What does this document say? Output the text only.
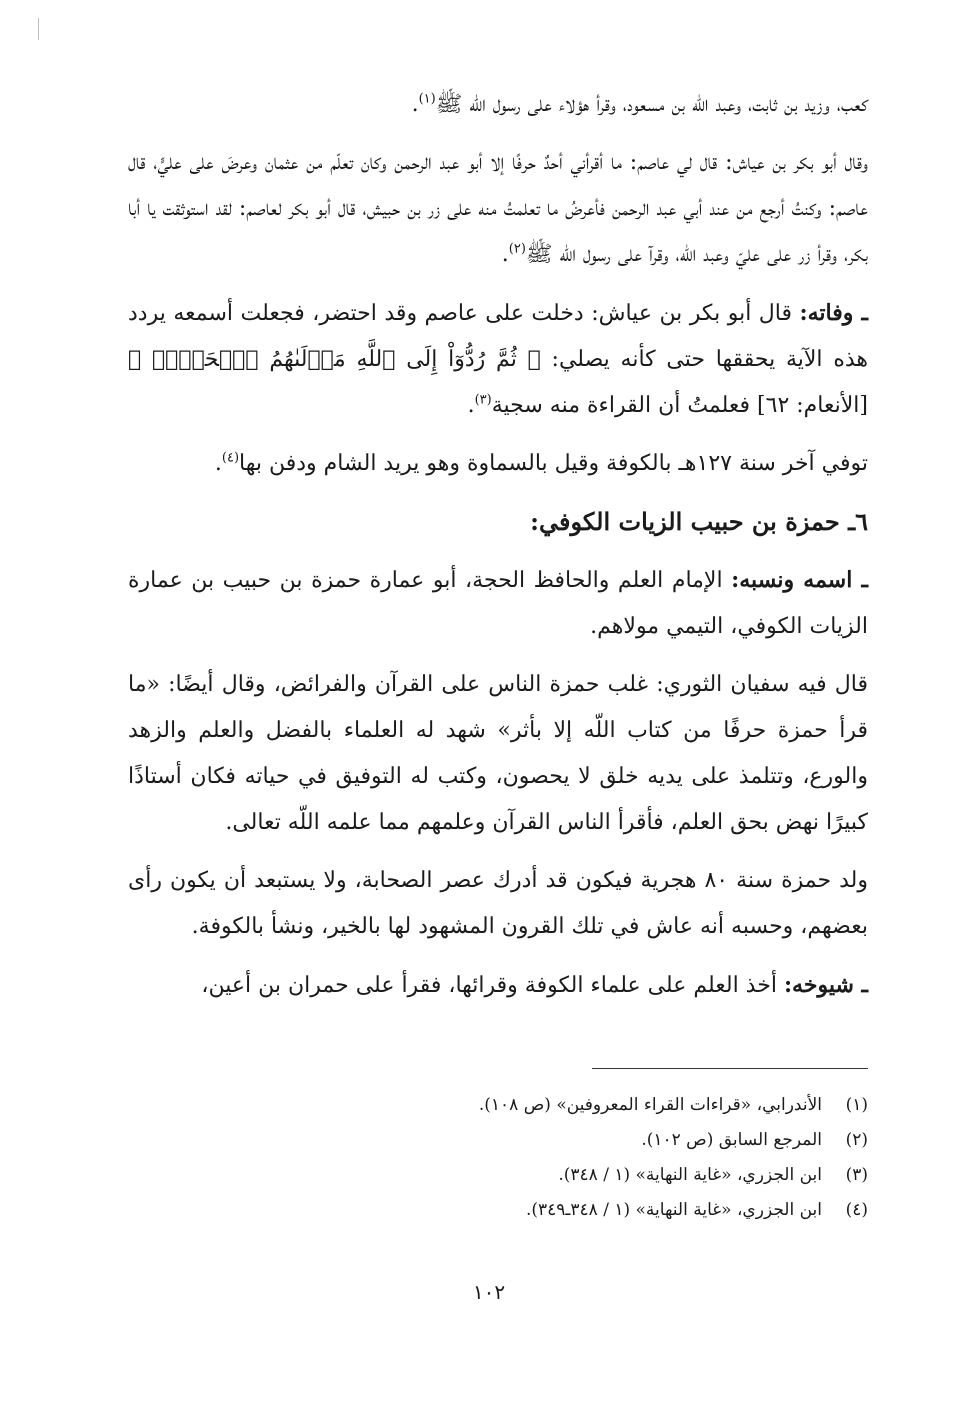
كعب، وزيد بن ثابت، وعبد اللّه بن مسعود، وقرأ هؤلاء على رسول اللّه ﷺ$^{(١)}$.

وقال أبو بكر بن عياش: قال لي عاصم: ما أقرأني أحدٌ حرفًا إلا أبو عبد الرحمن وكان تعلّم من عثمان وعرضَ على عليٍّ، قال عاصم: وكنتُ أرجع من عند أبي عبد الرحمن فأعرضُ ما تعلمتُ منه على زر بن حبيش، قال أبو بكر لعاصم: لقد استوثقت يا أبا بكر، وقرأ زر على عليّ وعبد اللّه، وقرآ على رسول اللّه ﷺ$^{(٢)}$.

ـ وفاته: قال أبو بكر بن عياش: دخلت على عاصم وقد احتضر، فجعلت أسمعه يردد هذه الآية يحققها حتى كأنه يصلي: ﴿ ثُمَّ رُدُّوٓاْ إِلَى ٱللَّهِ مَوۡلَىٰهُمُ ٱلۡحَقِّۚ ﴾ [الأنعام: ٦٢] فعلمتُ أن القراءة منه سجية$^{(٣)}$.

توفي آخر سنة ١٢٧هـ بالكوفة وقيل بالسماوة وهو يريد الشام ودفن بها$^{(٤)}$.

٦ـ حمزة بن حبيب الزيات الكوفي:

ـ اسمه ونسبه: الإمام العلم والحافظ الحجة، أبو عمارة حمزة بن حبيب بن عمارة الزيات الكوفي، التيمي مولاهم.

قال فيه سفيان الثوري: غلب حمزة الناس على القرآن والفرائض، وقال أيضًا: «ما قرأ حمزة حرفًا من كتاب اللّه إلا بأثر» شهد له العلماء بالفضل والعلم والزهد والورع، وتتلمذ على يديه خلق لا يحصون، وكتب له التوفيق في حياته فكان أستاذًا كبيرًا نهض بحق العلم، فأقرأ الناس القرآن وعلمهم مما علمه اللّه تعالى.

ولد حمزة سنة ٨٠ هجرية فيكون قد أدرك عصر الصحابة، ولا يستبعد أن يكون رأى بعضهم، وحسبه أنه عاش في تلك القرون المشهود لها بالخير، ونشأ بالكوفة.

ـ شيوخه: أخذ العلم على علماء الكوفة وقرائها، فقرأ على حمران بن أعين،

(١)
الأندرابي، «قراءات القراء المعروفين» (ص ١٠٨).
(٢)
المرجع السابق (ص ١٠٢).
(٣)
ابن الجزري، «غاية النهاية» (١ / ٣٤٨).
(٤)
ابن الجزري، «غاية النهاية» (١ / ٣٤٨ـ٣٤٩).
١٠٢
